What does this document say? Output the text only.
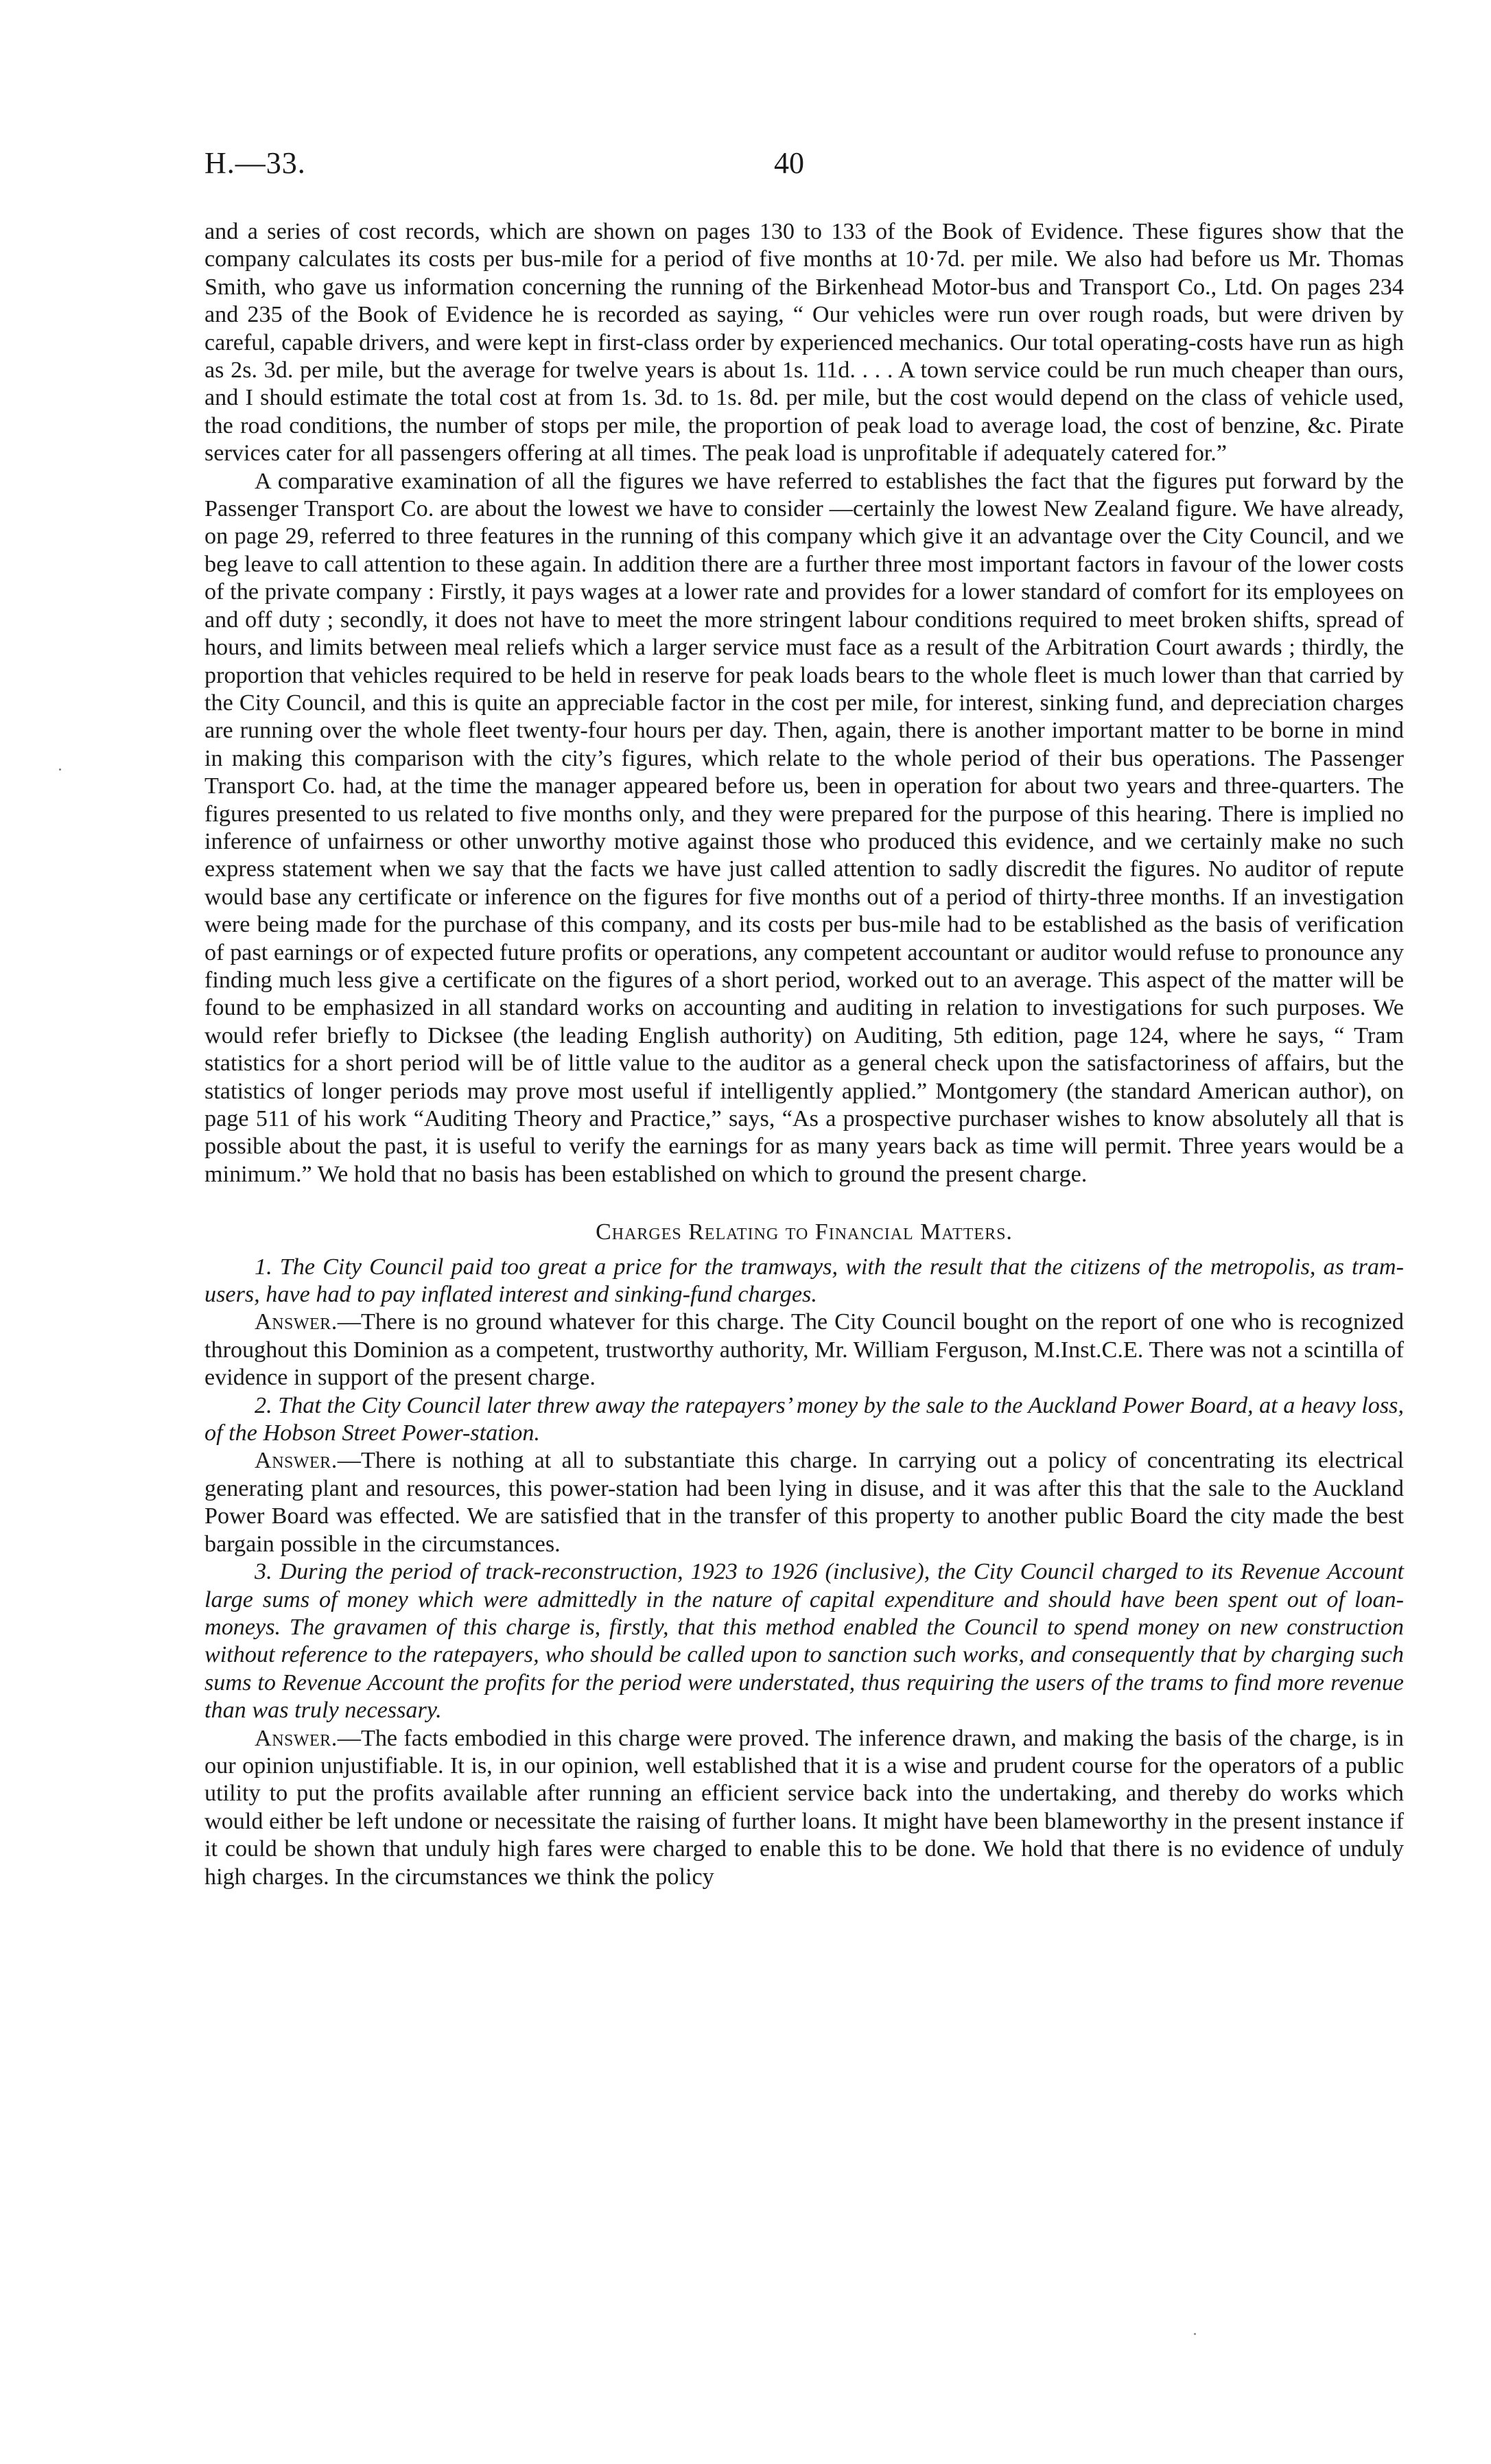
H.—33.	40

and a series of cost records, which are shown on pages 130 to 133 of the Book of Evidence. These figures show that the company calculates its costs per bus-mile for a period of five months at 10·7d. per mile. We also had before us Mr. Thomas Smith, who gave us information concerning the running of the Birkenhead Motor-bus and Transport Co., Ltd. On pages 234 and 235 of the Book of Evidence he is recorded as saying, “ Our vehicles were run over rough roads, but were driven by careful, capable drivers, and were kept in first-class order by experienced mechanics. Our total operating-costs have run as high as 2s. 3d. per mile, but the average for twelve years is about 1s. 11d. . . . A town service could be run much cheaper than ours, and I should estimate the total cost at from 1s. 3d. to 1s. 8d. per mile, but the cost would depend on the class of vehicle used, the road conditions, the number of stops per mile, the proportion of peak load to average load, the cost of benzine, &c. Pirate services cater for all passengers offering at all times. The peak load is unprofitable if adequately catered for.”

A comparative examination of all the figures we have referred to establishes the fact that the figures put forward by the Passenger Transport Co. are about the lowest we have to consider —certainly the lowest New Zealand figure. We have already, on page 29, referred to three features in the running of this company which give it an advantage over the City Council, and we beg leave to call attention to these again. In addition there are a further three most important factors in favour of the lower costs of the private company : Firstly, it pays wages at a lower rate and provides for a lower standard of comfort for its employees on and off duty ; secondly, it does not have to meet the more stringent labour conditions required to meet broken shifts, spread of hours, and limits between meal reliefs which a larger service must face as a result of the Arbitration Court awards ; thirdly, the proportion that vehicles required to be held in reserve for peak loads bears to the whole fleet is much lower than that carried by the City Council, and this is quite an appreciable factor in the cost per mile, for interest, sinking fund, and depreciation charges are running over the whole fleet twenty-four hours per day. Then, again, there is another important matter to be borne in mind in making this comparison with the city’s figures, which relate to the whole period of their bus operations. The Passenger Transport Co. had, at the time the manager appeared before us, been in operation for about two years and three-quarters. The figures presented to us related to five months only, and they were prepared for the purpose of this hearing. There is implied no inference of unfairness or other unworthy motive against those who produced this evidence, and we certainly make no such express statement when we say that the facts we have just called attention to sadly discredit the figures. No auditor of repute would base any certificate or inference on the figures for five months out of a period of thirty-three months. If an investigation were being made for the purchase of this company, and its costs per bus-mile had to be established as the basis of verification of past earnings or of expected future profits or operations, any competent accountant or auditor would refuse to pronounce any finding much less give a certificate on the figures of a short period, worked out to an average. This aspect of the matter will be found to be emphasized in all standard works on accounting and auditing in relation to investigations for such purposes. We would refer briefly to Dicksee (the leading English authority) on Auditing, 5th edition, page 124, where he says, “ Tram statistics for a short period will be of little value to the auditor as a general check upon the satisfactoriness of affairs, but the statistics of longer periods may prove most useful if intelligently applied.” Montgomery (the standard American author), on page 511 of his work “Auditing Theory and Practice,” says, “As a prospective purchaser wishes to know absolutely all that is possible about the past, it is useful to verify the earnings for as many years back as time will permit. Three years would be a minimum.” We hold that no basis has been established on which to ground the present charge.

Charges Relating to Financial Matters.

1. The City Council paid too great a price for the tramways, with the result that the citizens of the metropolis, as tram-users, have had to pay inflated interest and sinking-fund charges.

Answer.—There is no ground whatever for this charge. The City Council bought on the report of one who is recognized throughout this Dominion as a competent, trustworthy authority, Mr. William Ferguson, M.Inst.C.E. There was not a scintilla of evidence in support of the present charge.

2. That the City Council later threw away the ratepayers’ money by the sale to the Auckland Power Board, at a heavy loss, of the Hobson Street Power-station.

Answer.—There is nothing at all to substantiate this charge. In carrying out a policy of concentrating its electrical generating plant and resources, this power-station had been lying in disuse, and it was after this that the sale to the Auckland Power Board was effected. We are satisfied that in the transfer of this property to another public Board the city made the best bargain possible in the circumstances.

3. During the period of track-reconstruction, 1923 to 1926 (inclusive), the City Council charged to its Revenue Account large sums of money which were admittedly in the nature of capital expenditure and should have been spent out of loan-moneys. The gravamen of this charge is, firstly, that this method enabled the Council to spend money on new construction without reference to the ratepayers, who should be called upon to sanction such works, and consequently that by charging such sums to Revenue Account the profits for the period were understated, thus requiring the users of the trams to find more revenue than was truly necessary.

Answer.—The facts embodied in this charge were proved. The inference drawn, and making the basis of the charge, is in our opinion unjustifiable. It is, in our opinion, well established that it is a wise and prudent course for the operators of a public utility to put the profits available after running an efficient service back into the undertaking, and thereby do works which would either be left undone or necessitate the raising of further loans. It might have been blameworthy in the present instance if it could be shown that unduly high fares were charged to enable this to be done. We hold that there is no evidence of unduly high charges. In the circumstances we think the policy
